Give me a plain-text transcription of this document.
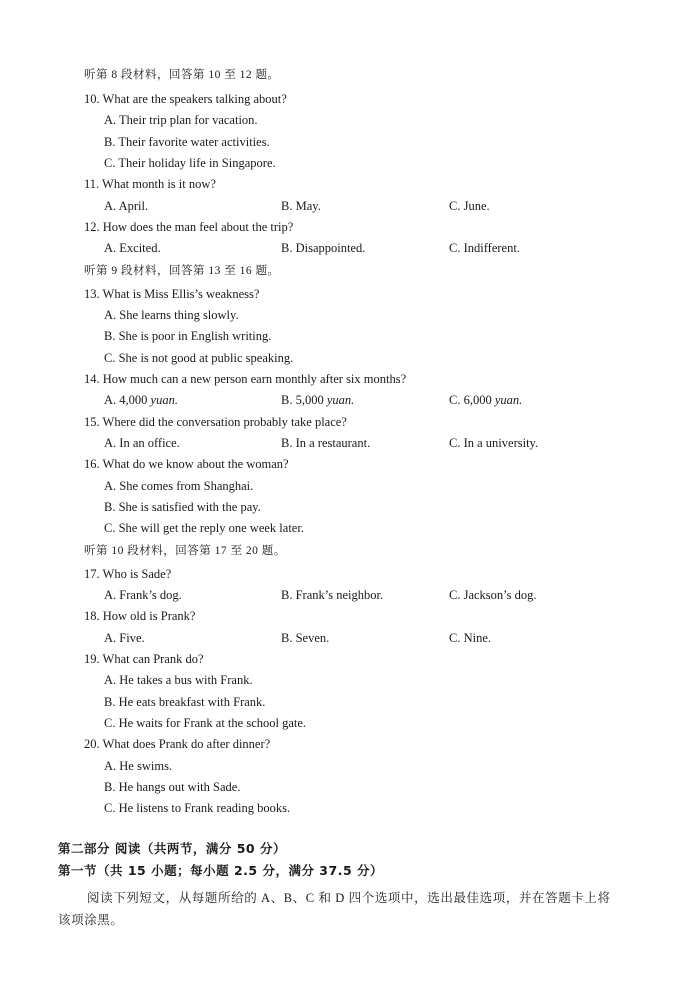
听第 8 段材料，回答第 10 至 12 题。
10. What are the speakers talking about?
A. Their trip plan for vacation.
B. Their favorite water activities.
C. Their holiday life in Singapore.
11. What month is it now?
A. April.	B. May.	C. June.
12. How does the man feel about the trip?
A. Excited.	B. Disappointed.	C. Indifferent.
听第 9 段材料，回答第 13 至 16 题。
13. What is Miss Ellis’s weakness?
A. She learns thing slowly.
B. She is poor in English writing.
C. She is not good at public speaking.
14. How much can a new person earn monthly after six months?
A. 4,000 yuan.	B. 5,000 yuan.	C. 6,000 yuan.
15. Where did the conversation probably take place?
A. In an office.	B. In a restaurant.	C. In a university.
16. What do we know about the woman?
A. She comes from Shanghai.
B. She is satisfied with the pay.
C. She will get the reply one week later.
听第 10 段材料，回答第 17 至 20 题。
17. Who is Sade?
A. Frank’s dog.	B. Frank’s neighbor.	C. Jackson’s dog.
18. How old is Prank?
A. Five.	B. Seven.	C. Nine.
19. What can Prank do?
A. He takes a bus with Frank.
B. He eats breakfast with Frank.
C. He waits for Frank at the school gate.
20. What does Prank do after dinner?
A. He swims.
B. He hangs out with Sade.
C. He listens to Frank reading books.
第二部分 阅读（共两节，满分 50 分）
第一节（共 15 小题；每小题 2.5 分，满分 37.5 分）
阅读下列短文，从每题所给的 A、B、C 和 D 四个选项中，选出最佳选项，并在答题卡上将
该项涂黑。
